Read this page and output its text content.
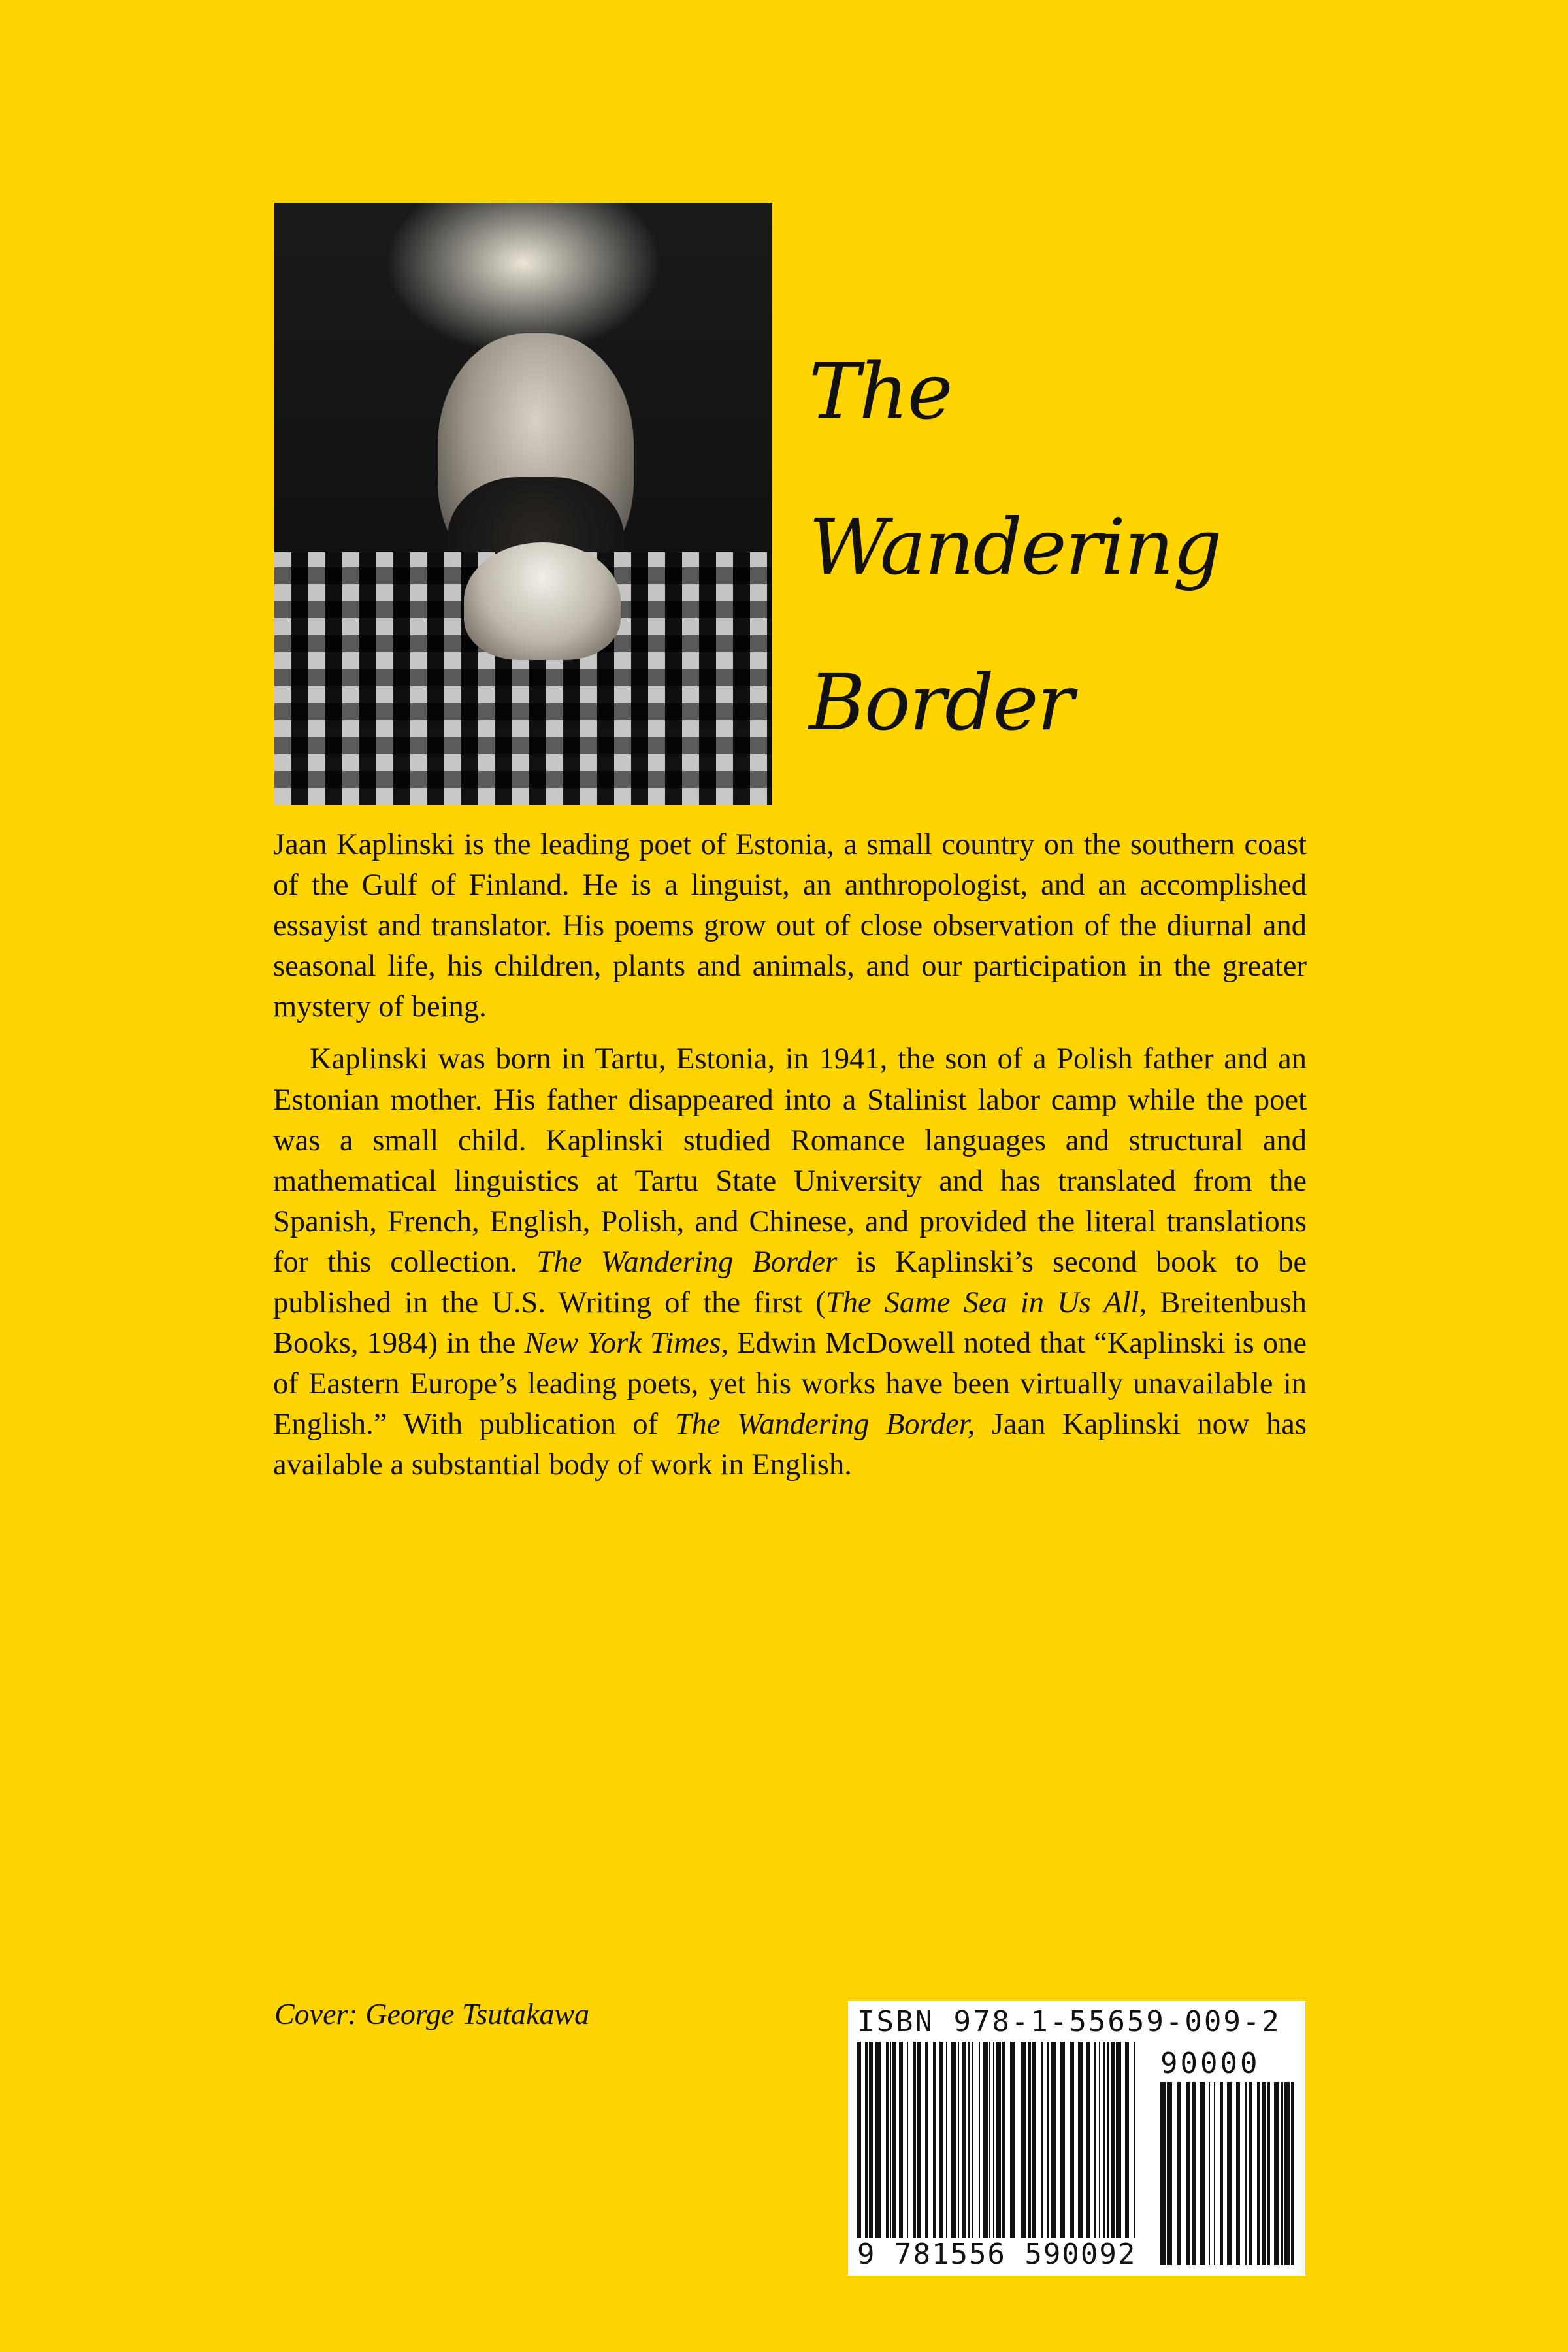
The
Wandering
Border

Jaan Kaplinski is the leading poet of Estonia, a small country on the southern coast of the Gulf of Finland. He is a linguist, an anthropologist, and an accomplished essayist and translator. His poems grow out of close observation of the diurnal and seasonal life, his children, plants and animals, and our participation in the greater mystery of being.

Kaplinski was born in Tartu, Estonia, in 1941, the son of a Polish father and an Estonian mother. His father disappeared into a Stalinist labor camp while the poet was a small child. Kaplinski studied Romance languages and structural and mathematical linguistics at Tartu State University and has translated from the Spanish, French, English, Polish, and Chinese, and provided the literal translations for this collection. The Wandering Border is Kaplinski’s second book to be published in the U.S. Writing of the first (The Same Sea in Us All, Breitenbush Books, 1984) in the New York Times, Edwin McDowell noted that “Kaplinski is one of Eastern Europe’s leading poets, yet his works have been virtually unavailable in English.” With publication of The Wandering Border, Jaan Kaplinski now has available a substantial body of work in English.

Cover: George Tsutakawa	ISBN 978-1-55659-009-2
90000
9 781556 590092
